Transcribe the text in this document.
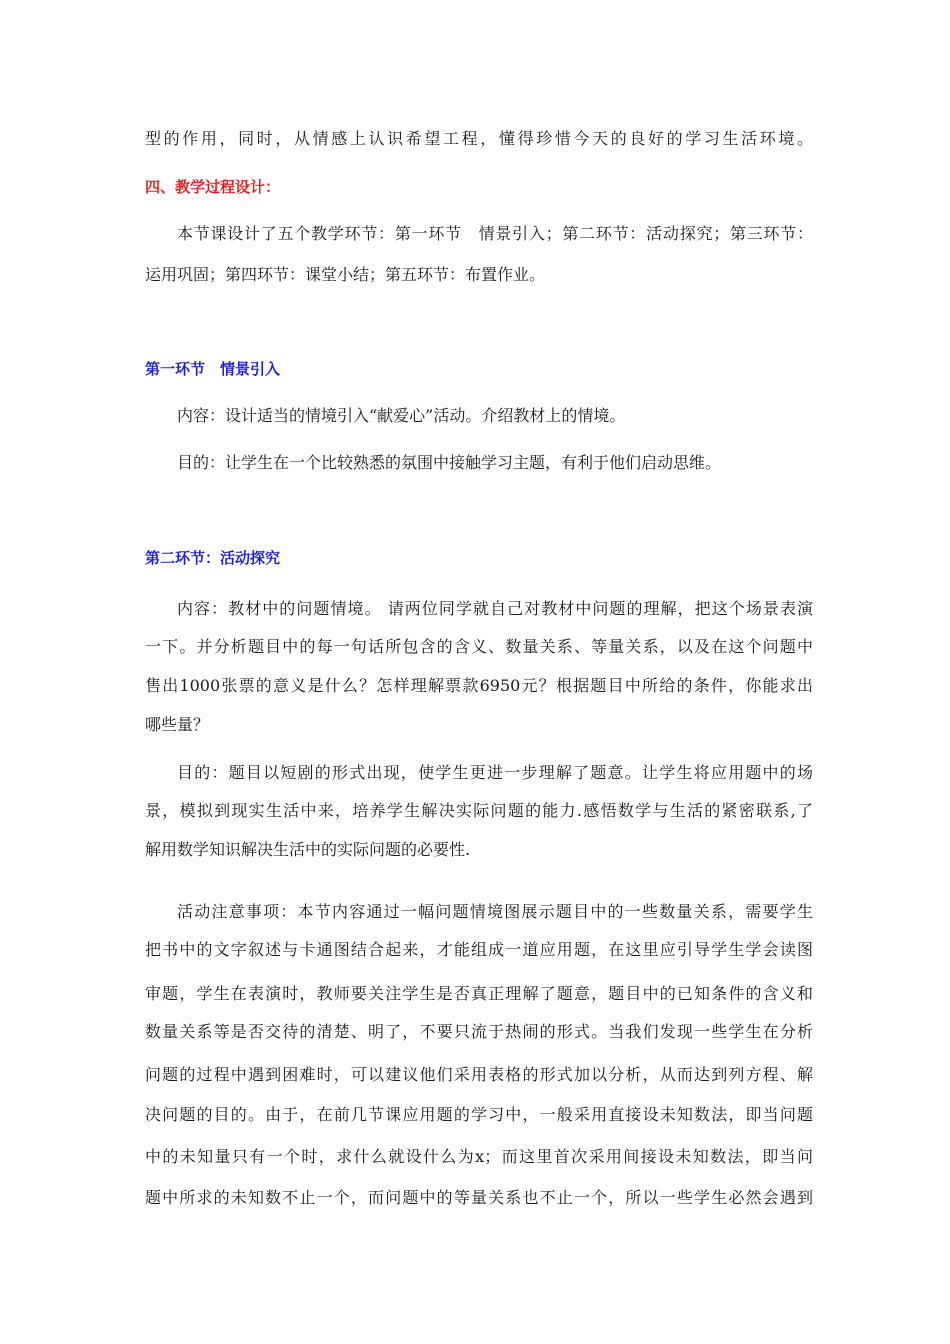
型的作用，同时，从情感上认识希望工程，懂得珍惜今天的良好的学习生活环境。
四、教学过程设计：
本节课设计了五个教学环节：第一环节　情景引入；第二环节：活动探究；第三环节：
运用巩固；第四环节：课堂小结；第五环节：布置作业。
第一环节　情景引入
内容：设计适当的情境引入“献爱心”活动。介绍教材上的情境。
目的：让学生在一个比较熟悉的氛围中接触学习主题，有利于他们启动思维。
第二环节：活动探究
内容：教材中的问题情境。 请两位同学就自己对教材中问题的理解，把这个场景表演
一下。并分析题目中的每一句话所包含的含义、数量关系、等量关系，以及在这个问题中
售出1000张票的意义是什么？怎样理解票款6950元？根据题目中所给的条件，你能求出
哪些量？
目的：题目以短剧的形式出现，使学生更进一步理解了题意。让学生将应用题中的场
景，模拟到现实生活中来，培养学生解决实际问题的能力.感悟数学与生活的紧密联系,了
解用数学知识解决生活中的实际问题的必要性.
活动注意事项：本节内容通过一幅问题情境图展示题目中的一些数量关系，需要学生
把书中的文字叙述与卡通图结合起来，才能组成一道应用题，在这里应引导学生学会读图
审题，学生在表演时，教师要关注学生是否真正理解了题意，题目中的已知条件的含义和
数量关系等是否交待的清楚、明了，不要只流于热闹的形式。当我们发现一些学生在分析
问题的过程中遇到困难时，可以建议他们采用表格的形式加以分析，从而达到列方程、解
决问题的目的。由于，在前几节课应用题的学习中，一般采用直接设未知数法，即当问题
中的未知量只有一个时，求什么就设什么为x；而这里首次采用间接设未知数法，即当问
题中所求的未知数不止一个，而问题中的等量关系也不止一个，所以一些学生必然会遇到
